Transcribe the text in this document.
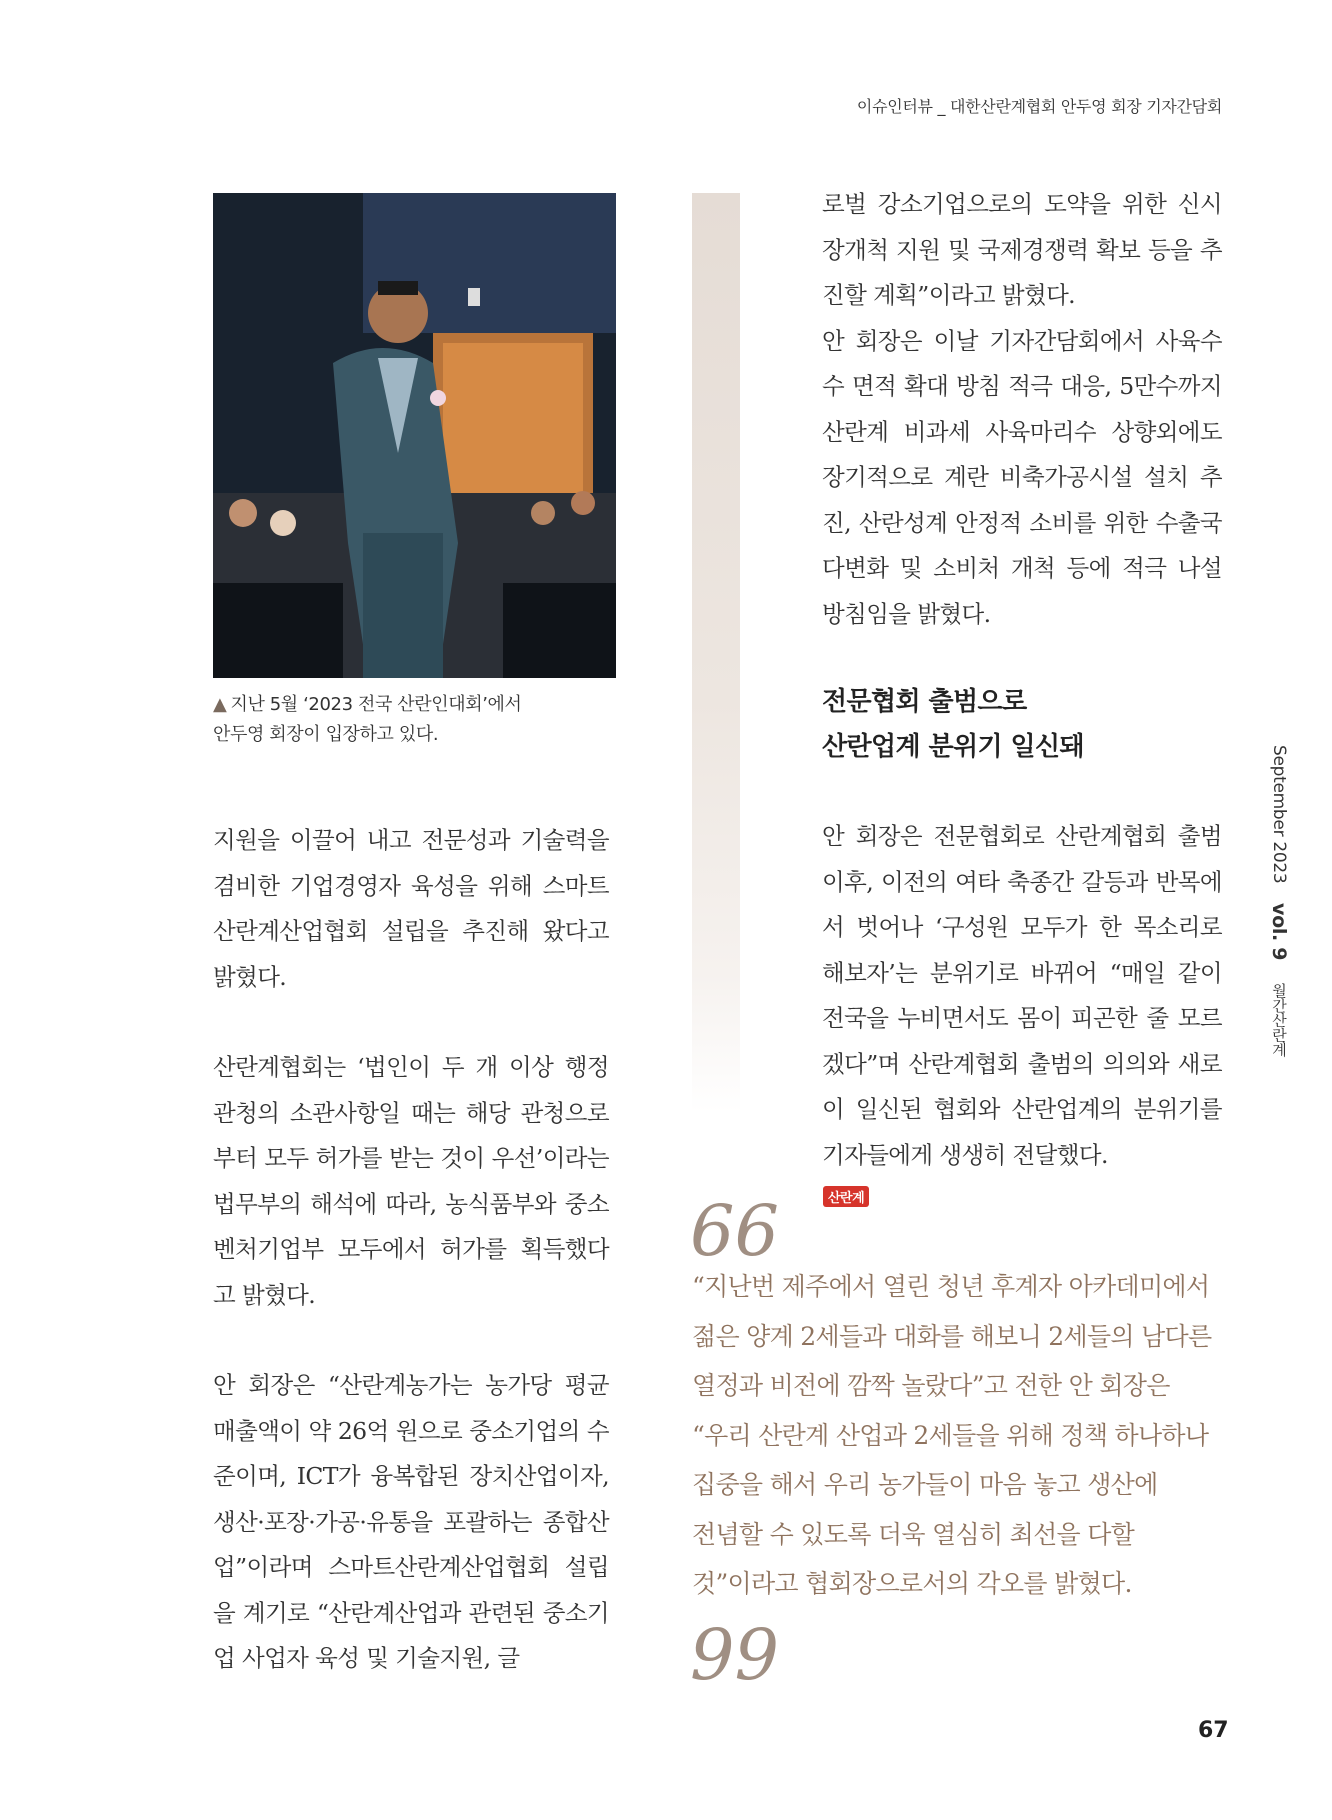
이슈인터뷰 _ 대한산란계협회 안두영 회장 기자간담회
▲ 지난 5월 ‘2023 전국 산란인대회’에서
안두영 회장이 입장하고 있다.

지원을 이끌어 내고 전문성과 기술력을 겸비한 기업경영자 육성을 위해 스마트 산란계산업협회 설립을 추진해 왔다고 밝혔다.

산란계협회는 ‘법인이 두 개 이상 행정 관청의 소관사항일 때는 해당 관청으로부터 모두 허가를 받는 것이 우선’이라는 법무부의 해석에 따라, 농식품부와 중소벤처기업부 모두에서 허가를 획득했다고 밝혔다.

안 회장은 “산란계농가는 농가당 평균 매출액이 약 26억 원으로 중소기업의 수준이며, ICT가 융복합된 장치산업이자, 생산·포장·가공·유통을 포괄하는 종합산업”이라며 스마트산란계산업협회 설립을 계기로 “산란계산업과 관련된 중소기업 사업자 육성 및 기술지원, 글

로벌 강소기업으로의 도약을 위한 신시장개척 지원 및 국제경쟁력 확보 등을 추진할 계획”이라고 밝혔다.

안 회장은 이날 기자간담회에서 사육수수 면적 확대 방침 적극 대응, 5만수까지 산란계 비과세 사육마리수 상향외에도 장기적으로 계란 비축가공시설 설치 추진, 산란성계 안정적 소비를 위한 수출국 다변화 및 소비처 개척 등에 적극 나설 방침임을 밝혔다.

전문협회 출범으로
산란업계 분위기 일신돼

안 회장은 전문협회로 산란계협회 출범 이후, 이전의 여타 축종간 갈등과 반목에서 벗어나 ‘구성원 모두가 한 목소리로 해보자’는 분위기로 바뀌어 “매일 같이 전국을 누비면서도 몸이 피곤한 줄 모르겠다”며 산란계협회 출범의 의의와 새로이 일신된 협회와 산란업계의 분위기를 기자들에게 생생히 전달했다.

산란계
66
“지난번 제주에서 열린 청년 후계자 아카데미에서
젊은 양계 2세들과 대화를 해보니 2세들의 남다른
열정과 비전에 깜짝 놀랐다”고 전한 안 회장은
“우리 산란계 산업과 2세들을 위해 정책 하나하나
집중을 해서 우리 농가들이 마음 놓고 생산에
전념할 수 있도록 더욱 열심히 최선을 다할
것”이라고 협회장으로서의 각오를 밝혔다.
99
September 2023 vol. 9 월간산란계
67
